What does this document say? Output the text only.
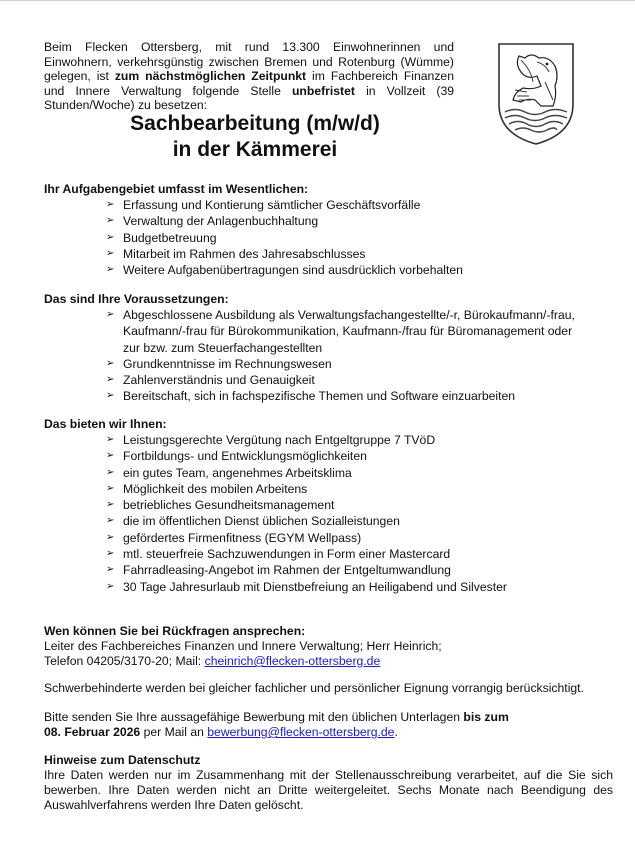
Beim Flecken Ottersberg, mit rund 13.300 Einwohnerinnen und Einwohnern, verkehrsgünstig zwischen Bremen und Rotenburg (Wümme) gelegen, ist zum nächstmöglichen Zeitpunkt im Fachbereich Finanzen und Innere Verwaltung folgende Stelle unbefristet in Vollzeit (39 Stunden/Woche) zu besetzen:

Sachbearbeitung (m/w/d)
in der Kämmerei
Ihr Aufgabengebiet umfasst im Wesentlichen:
➢ Erfassung und Kontierung sämtlicher Geschäftsvorfälle
➢ Verwaltung der Anlagenbuchhaltung
➢ Budgetbetreuung
➢ Mitarbeit im Rahmen des Jahresabschlusses
➢ Weitere Aufgabenübertragungen sind ausdrücklich vorbehalten
Das sind Ihre Voraussetzungen:
➢ Abgeschlossene Ausbildung als Verwaltungsfachangestellte/-r, Bürokaufmann/-frau, Kaufmann/-frau für Bürokommunikation, Kaufmann-/frau für Büromanagement oder zur bzw. zum Steuerfachangestellten
➢ Grundkenntnisse im Rechnungswesen
➢ Zahlenverständnis und Genauigkeit
➢ Bereitschaft, sich in fachspezifische Themen und Software einzuarbeiten
Das bieten wir Ihnen:
➢ Leistungsgerechte Vergütung nach Entgeltgruppe 7 TVöD
➢ Fortbildungs- und Entwicklungsmöglichkeiten
➢ ein gutes Team, angenehmes Arbeitsklima
➢ Möglichkeit des mobilen Arbeitens
➢ betriebliches Gesundheitsmanagement
➢ die im öffentlichen Dienst üblichen Sozialleistungen
➢ gefördertes Firmenfitness (EGYM Wellpass)
➢ mtl. steuerfreie Sachzuwendungen in Form einer Mastercard
➢ Fahrradleasing-Angebot im Rahmen der Entgeltumwandlung
➢ 30 Tage Jahresurlaub mit Dienstbefreiung an Heiligabend und Silvester
Wen können Sie bei Rückfragen ansprechen:
Leiter des Fachbereiches Finanzen und Innere Verwaltung; Herr Heinrich;
Telefon 04205/3170-20; Mail: cheinrich@flecken-ottersberg.de
Schwerbehinderte werden bei gleicher fachlicher und persönlicher Eignung vorrangig berücksichtigt.
Bitte senden Sie Ihre aussagefähige Bewerbung mit den üblichen Unterlagen bis zum
08. Februar 2026 per Mail an bewerbung@flecken-ottersberg.de.
Hinweise zum Datenschutz
Ihre Daten werden nur im Zusammenhang mit der Stellenausschreibung verarbeitet, auf die Sie sich bewerben. Ihre Daten werden nicht an Dritte weitergeleitet. Sechs Monate nach Beendigung des Auswahlverfahrens werden Ihre Daten gelöscht.
